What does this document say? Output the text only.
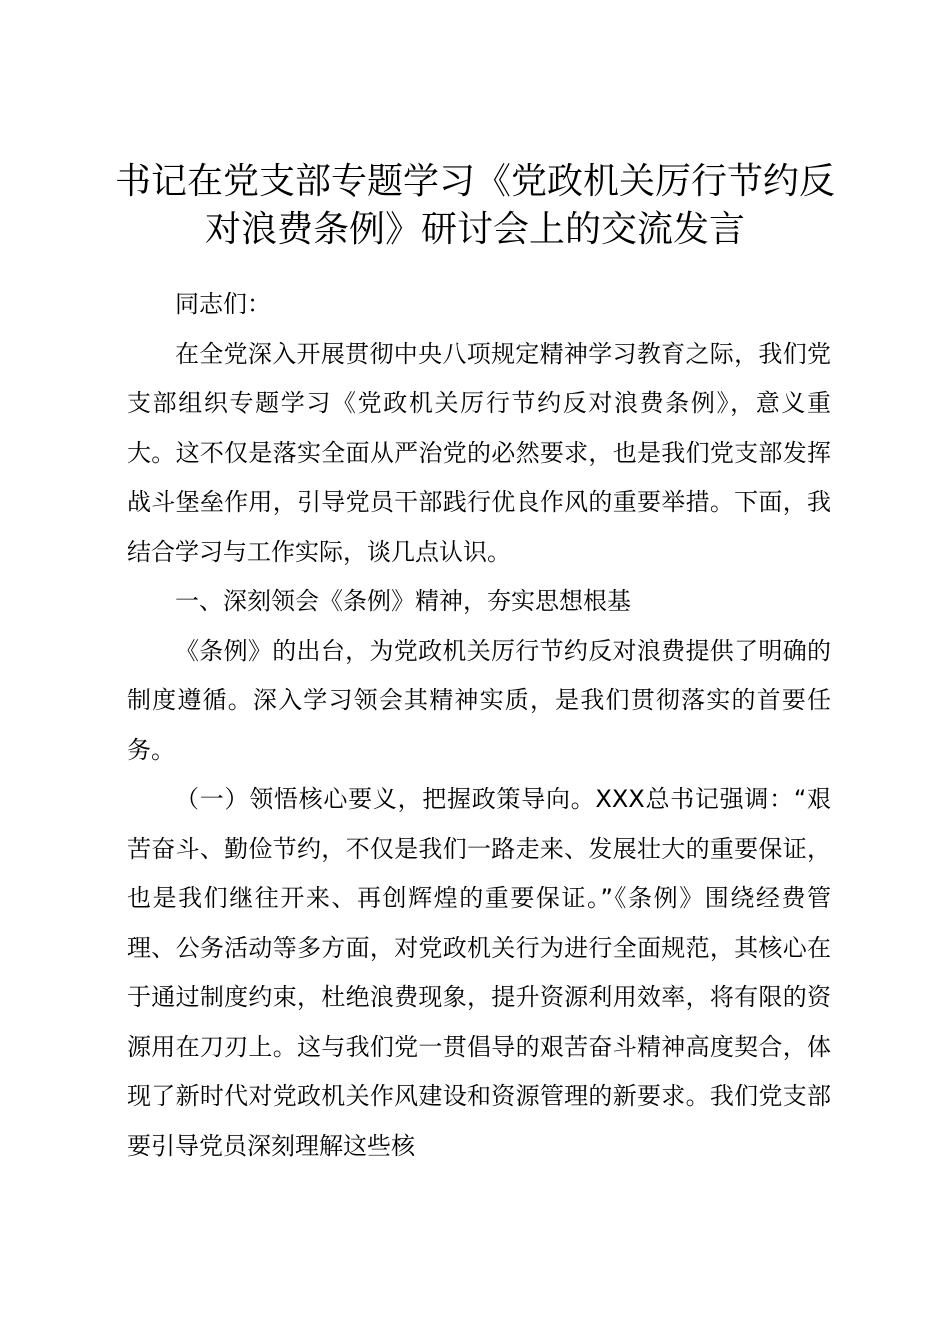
书记在党支部专题学习《党政机关厉行节约反
对浪费条例》研讨会上的交流发言

同志们：

在全党深入开展贯彻中央八项规定精神学习教育之际，我们党支部组织专题学习《党政机关厉行节约反对浪费条例》，意义重大。这不仅是落实全面从严治党的必然要求，也是我们党支部发挥战斗堡垒作用，引导党员干部践行优良作风的重要举措。下面，我结合学习与工作实际，谈几点认识。

一、深刻领会《条例》精神，夯实思想根基

《条例》的出台，为党政机关厉行节约反对浪费提供了明确的制度遵循。深入学习领会其精神实质，是我们贯彻落实的首要任务。

（一）领悟核心要义，把握政策导向。XXX总书记强调：“艰苦奋斗、勤俭节约，不仅是我们一路走来、发展壮大的重要保证，也是我们继往开来、再创辉煌的重要保证。”《条例》围绕经费管理、公务活动等多方面，对党政机关行为进行全面规范，其核心在于通过制度约束，杜绝浪费现象，提升资源利用效率，将有限的资源用在刀刃上。这与我们党一贯倡导的艰苦奋斗精神高度契合，体现了新时代对党政机关作风建设和资源管理的新要求。我们党支部要引导党员深刻理解这些核
